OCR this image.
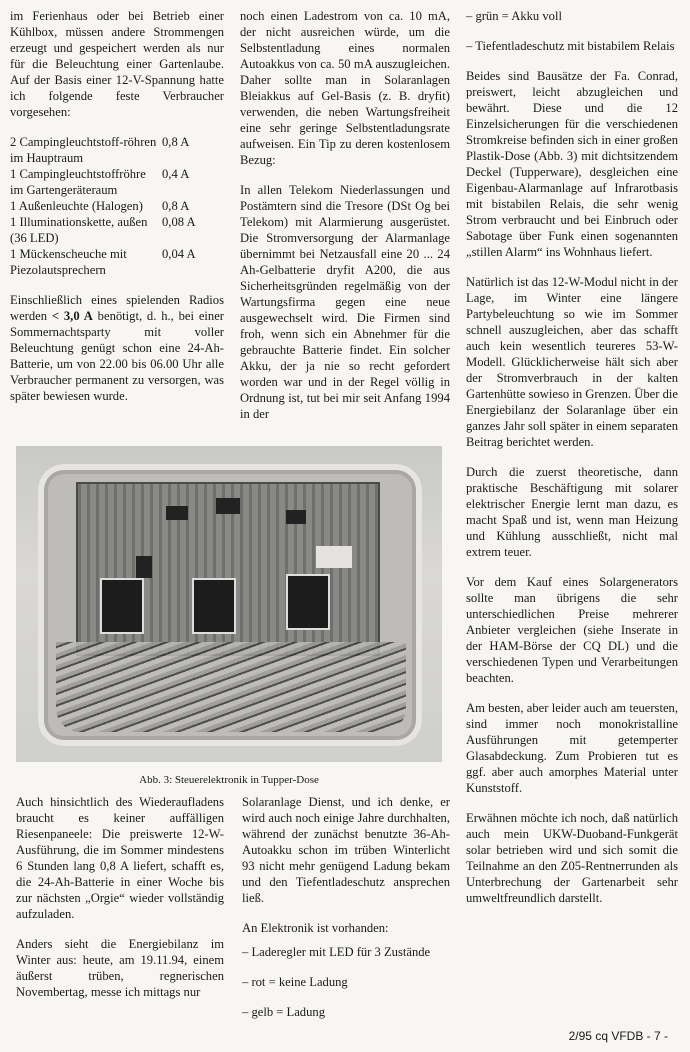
im Ferienhaus oder bei Betrieb einer Kühlbox, müssen andere Strommengen erzeugt und gespeichert werden als nur für die Beleuchtung einer Gartenlaube. Auf der Basis einer 12-V-Spannung hatte ich folgende feste Verbraucher vorgesehen:

2 Campingleuchtstoff-röhren im Hauptraum
0,8 A
1 Campingleuchtstoffröhre im Gartengeräteraum
0,4 A
1 Außenleuchte (Halogen)	0,8 A
1 Illuminationskette, außen (36 LED)
0,08 A
1 Mückenscheuche mit Piezolautsprechern
0,04 A

Einschließlich eines spielenden Radios werden < 3,0 A benötigt, d. h., bei einer Sommernachtsparty mit voller Beleuchtung genügt schon eine 24-Ah-Batterie, um von 22.00 bis 06.00 Uhr alle Verbraucher permanent zu versorgen, was später bewiesen wurde.

noch einen Ladestrom von ca. 10 mA, der nicht ausreichen würde, um die Selbstentladung eines normalen Autoakkus von ca. 50 mA auszugleichen. Daher sollte man in Solaranlagen Bleiakkus auf Gel-Basis (z. B. dryfit) verwenden, die neben Wartungsfreiheit eine sehr geringe Selbstentladungsrate aufweisen. Ein Tip zu deren kostenlosem Bezug:

In allen Telekom Niederlassungen und Postämtern sind die Tresore (DSt Og bei Telekom) mit Alarmierung ausgerüstet. Die Stromversorgung der Alarmanlage übernimmt bei Netzausfall eine 20 ... 24 Ah-Gelbatterie dryfit A200, die aus Sicherheitsgründen regelmäßig von der Wartungsfirma gegen eine neue ausgewechselt wird. Die Firmen sind froh, wenn sich ein Abnehmer für die gebrauchte Batterie findet. Ein solcher Akku, der ja nie so recht gefordert worden war und in der Regel völlig in Ordnung ist, tut bei mir seit Anfang 1994 in der

– grün = Akku voll

– Tiefentladeschutz mit bistabilem Relais

Beides sind Bausätze der Fa. Conrad, preiswert, leicht abzugleichen und bewährt. Diese und die 12 Einzelsicherungen für die verschiedenen Stromkreise befinden sich in einer großen Plastik-Dose (Abb. 3) mit dichtsitzendem Deckel (Tupperware), desgleichen eine Eigenbau-Alarmanlage auf Infrarotbasis mit bistabilen Relais, die sehr wenig Strom verbraucht und bei Einbruch oder Sabotage über Funk einen sogenannten „stillen Alarm“ ins Wohnhaus liefert.

Natürlich ist das 12-W-Modul nicht in der Lage, im Winter eine längere Partybeleuchtung so wie im Sommer schnell auszugleichen, aber das schafft auch kein wesentlich teureres 53-W-Modell. Glücklicherweise hält sich aber der Stromverbrauch in der kalten Gartenhütte sowieso in Grenzen. Über die Energiebilanz der Solaranlage über ein ganzes Jahr soll später in einem separaten Beitrag berichtet werden.

Durch die zuerst theoretische, dann praktische Beschäftigung mit solarer elektrischer Energie lernt man dazu, es macht Spaß und ist, wenn man Heizung und Kühlung ausschließt, nicht mal extrem teuer.

Vor dem Kauf eines Solargenerators sollte man übrigens die sehr unterschiedlichen Preise mehrerer Anbieter vergleichen (siehe Inserate in der HAM-Börse der CQ DL) und die verschiedenen Typen und Verarbeitungen beachten.

Am besten, aber leider auch am teuersten, sind immer noch monokristalline Ausführungen mit getemperter Glasabdeckung. Zum Probieren tut es ggf. aber auch amorphes Material unter Kunststoff.

Erwähnen möchte ich noch, daß natürlich auch mein UKW-Duoband-Funkgerät solar betrieben wird und sich somit die Teilnahme an den Z05-Rentnerrunden als Unterbrechung der Gartenarbeit sehr umweltfreundlich darstellt.

Abb. 3: Steuerelektronik in Tupper-Dose

Auch hinsichtlich des Wiederaufladens braucht es keiner auffälligen Riesenpaneele: Die preiswerte 12-W-Ausführung, die im Sommer mindestens 6 Stunden lang 0,8 A liefert, schafft es, die 24-Ah-Batterie in einer Woche bis zur nächsten „Orgie“ wieder vollständig aufzuladen.

Anders sieht die Energiebilanz im Winter aus: heute, am 19.11.94, einem äußerst trüben, regnerischen Novembertag, messe ich mittags nur

Solaranlage Dienst, und ich denke, er wird auch noch einige Jahre durchhalten, während der zunächst benutzte 36-Ah-Autoakku schon im trüben Winterlicht 93 nicht mehr genügend Ladung bekam und den Tiefentladeschutz ansprechen ließ.

An Elektronik ist vorhanden:

– Laderegler mit LED für 3 Zustände

– rot = keine Ladung

– gelb = Ladung

2/95 cq VFDB - 7 -
